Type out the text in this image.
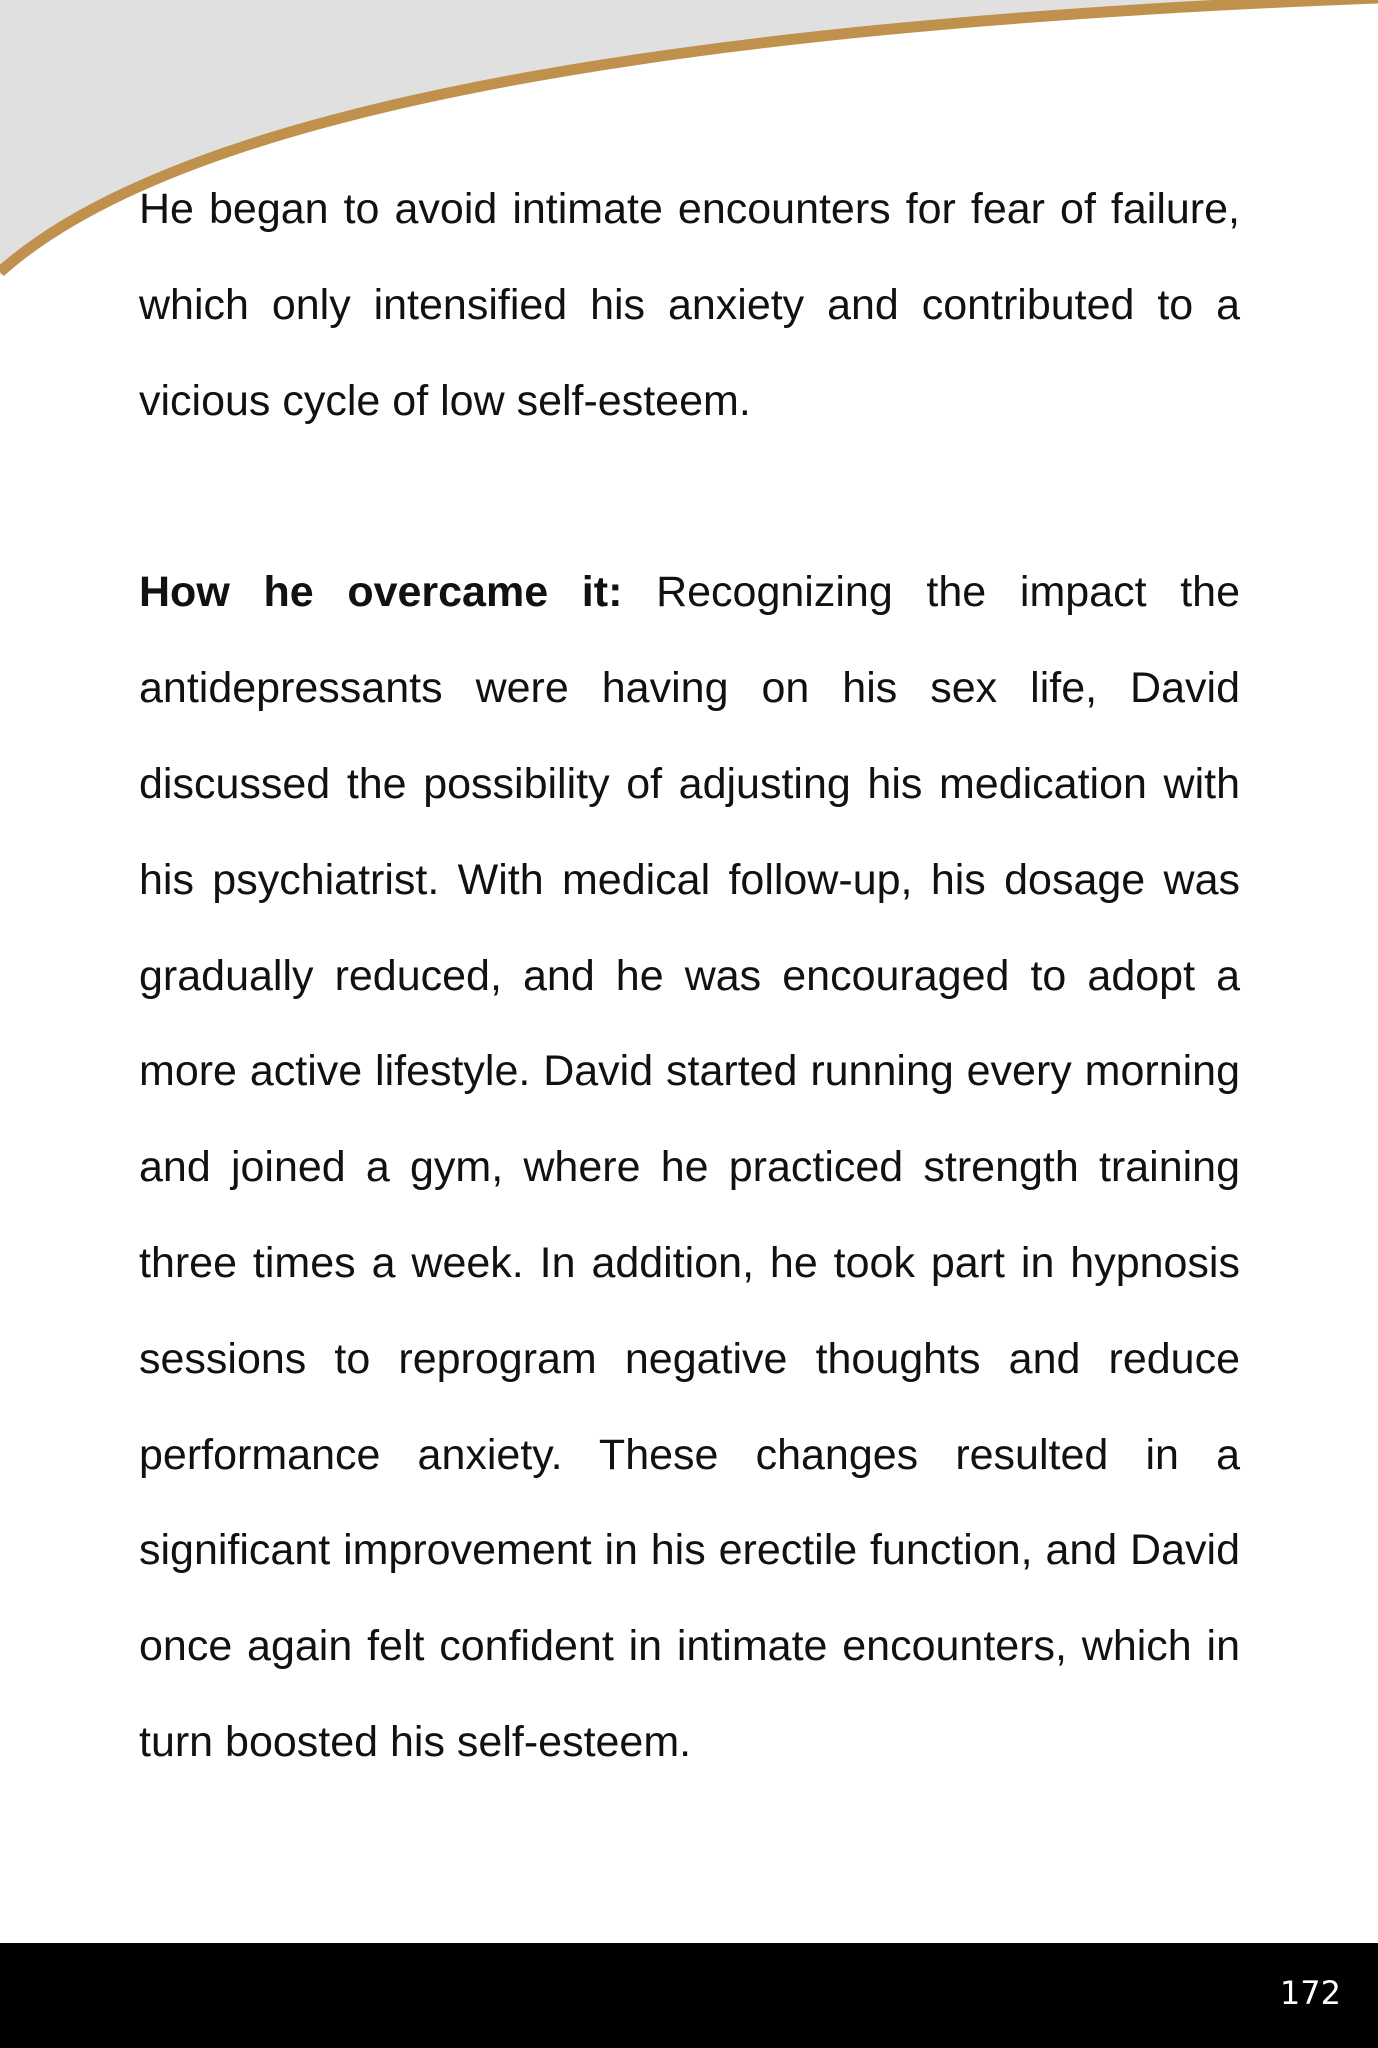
He began to avoid intimate encounters for fear of failure, which only intensified his anxiety and contributed to a vicious cycle of low self-esteem.

How he overcame it: Recognizing the impact the antidepressants were having on his sex life, David discussed the possibility of adjusting his medication with his psychiatrist. With medical follow-up, his dosage was gradually reduced, and he was encouraged to adopt a more active lifestyle. David started running every morning and joined a gym, where he practiced strength training three times a week. In addition, he took part in hypnosis sessions to reprogram negative thoughts and reduce performance anxiety. These changes resulted in a significant improvement in his erectile function, and David once again felt confident in intimate encounters, which in turn boosted his self-esteem.

172
